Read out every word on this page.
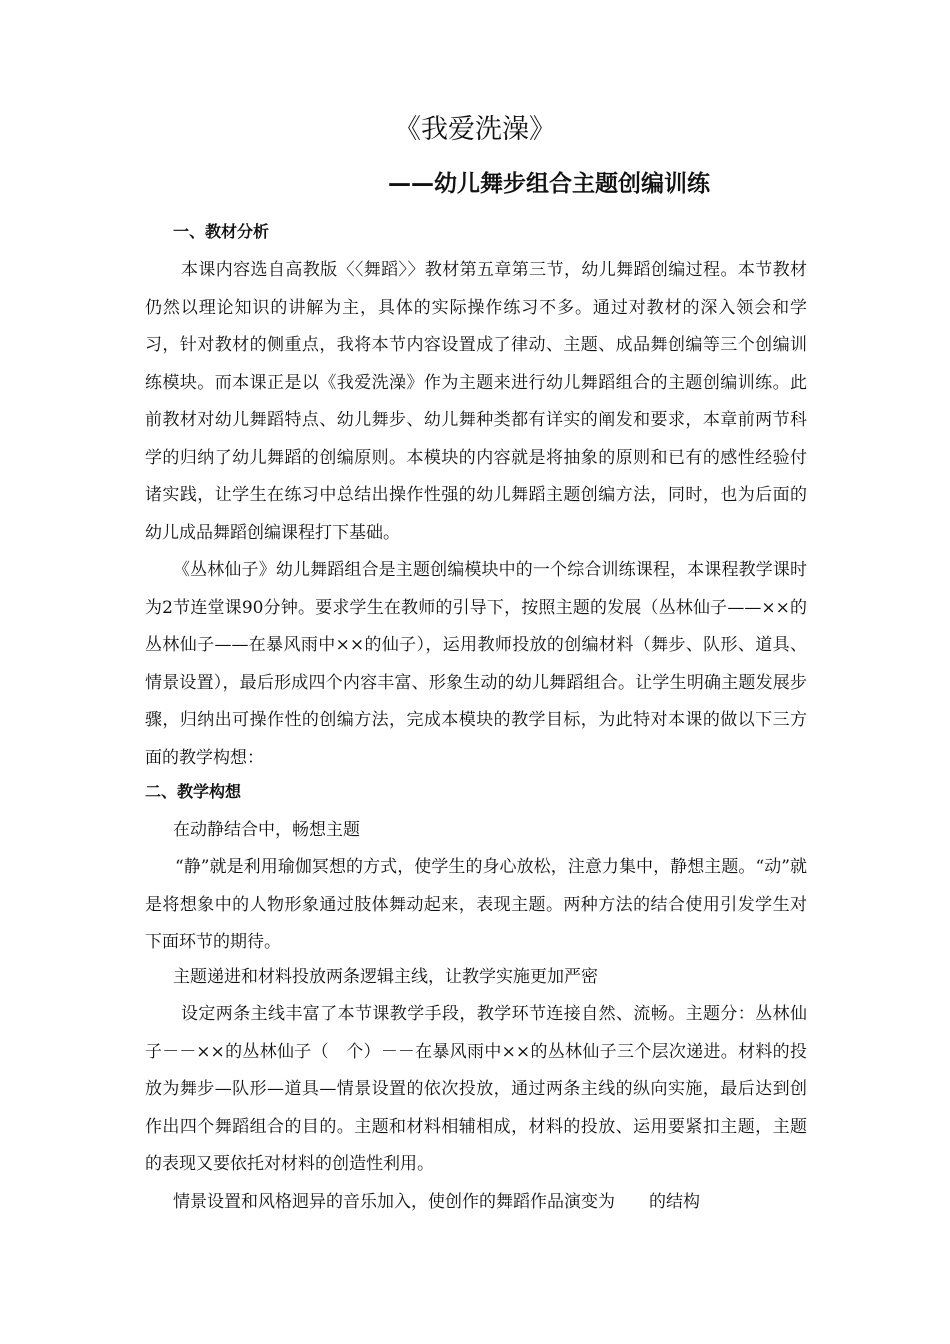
《我爱洗澡》
——幼儿舞步组合主题创编训练
一、教材分析

本课内容选自高教版〈〈舞蹈〉〉教材第五章第三节，幼儿舞蹈创编过程。本节教材仍然以理论知识的讲解为主，具体的实际操作练习不多。通过对教材的深入领会和学习，针对教材的侧重点，我将本节内容设置成了律动、主题、成品舞创编等三个创编训练模块。而本课正是以《我爱洗澡》作为主题来进行幼儿舞蹈组合的主题创编训练。此前教材对幼儿舞蹈特点、幼儿舞步、幼儿舞种类都有详实的阐发和要求，本章前两节科学的归纳了幼儿舞蹈的创编原则。本模块的内容就是将抽象的原则和已有的感性经验付诸实践，让学生在练习中总结出操作性强的幼儿舞蹈主题创编方法，同时，也为后面的幼儿成品舞蹈创编课程打下基础。

《丛林仙子》幼儿舞蹈组合是主题创编模块中的一个综合训练课程，本课程教学课时为2节连堂课90分钟。要求学生在教师的引导下，按照主题的发展（丛林仙子——××的丛林仙子——在暴风雨中××的仙子），运用教师投放的创编材料（舞步、队形、道具、情景设置），最后形成四个内容丰富、形象生动的幼儿舞蹈组合。让学生明确主题发展步骤，归纳出可操作性的创编方法，完成本模块的教学目标，为此特对本课的做以下三方面的教学构想：

二、教学构想

在动静结合中，畅想主题

“静”就是利用瑜伽冥想的方式，使学生的身心放松，注意力集中，静想主题。“动”就是将想象中的人物形象通过肢体舞动起来，表现主题。两种方法的结合使用引发学生对下面环节的期待。

主题递进和材料投放两条逻辑主线，让教学实施更加严密

设定两条主线丰富了本节课教学手段，教学环节连接自然、流畅。主题分：丛林仙子－－××的丛林仙子（　个）－－在暴风雨中××的丛林仙子三个层次递进。材料的投放为舞步—队形—道具—情景设置的依次投放，通过两条主线的纵向实施，最后达到创作出四个舞蹈组合的目的。主题和材料相辅相成，材料的投放、运用要紧扣主题，主题的表现又要依托对材料的创造性利用。

情景设置和风格迥异的音乐加入，使创作的舞蹈作品演变为　　的结构
